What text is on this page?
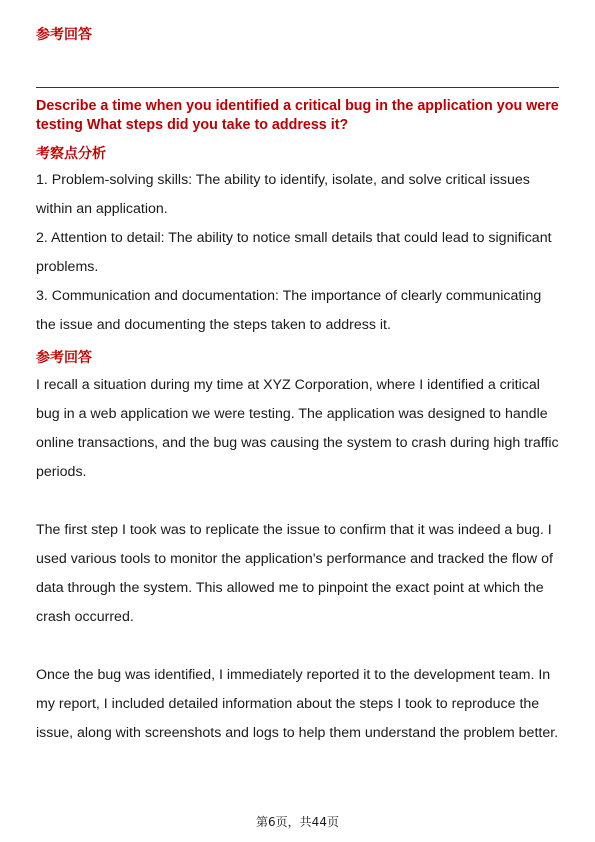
参考回答
Describe a time when you identified a critical bug in the application you were testing What steps did you take to address it?
考察点分析

1. Problem-solving skills: The ability to identify, isolate, and solve critical issues within an application.

2. Attention to detail: The ability to notice small details that could lead to significant problems.

3. Communication and documentation: The importance of clearly communicating the issue and documenting the steps taken to address it.

参考回答

I recall a situation during my time at XYZ Corporation, where I identified a critical bug in a web application we were testing. The application was designed to handle online transactions, and the bug was causing the system to crash during high traffic periods.

The first step I took was to replicate the issue to confirm that it was indeed a bug. I used various tools to monitor the application's performance and tracked the flow of data through the system. This allowed me to pinpoint the exact point at which the crash occurred.

Once the bug was identified, I immediately reported it to the development team. In my report, I included detailed information about the steps I took to reproduce the issue, along with screenshots and logs to help them understand the problem better.

第6页，共44页
